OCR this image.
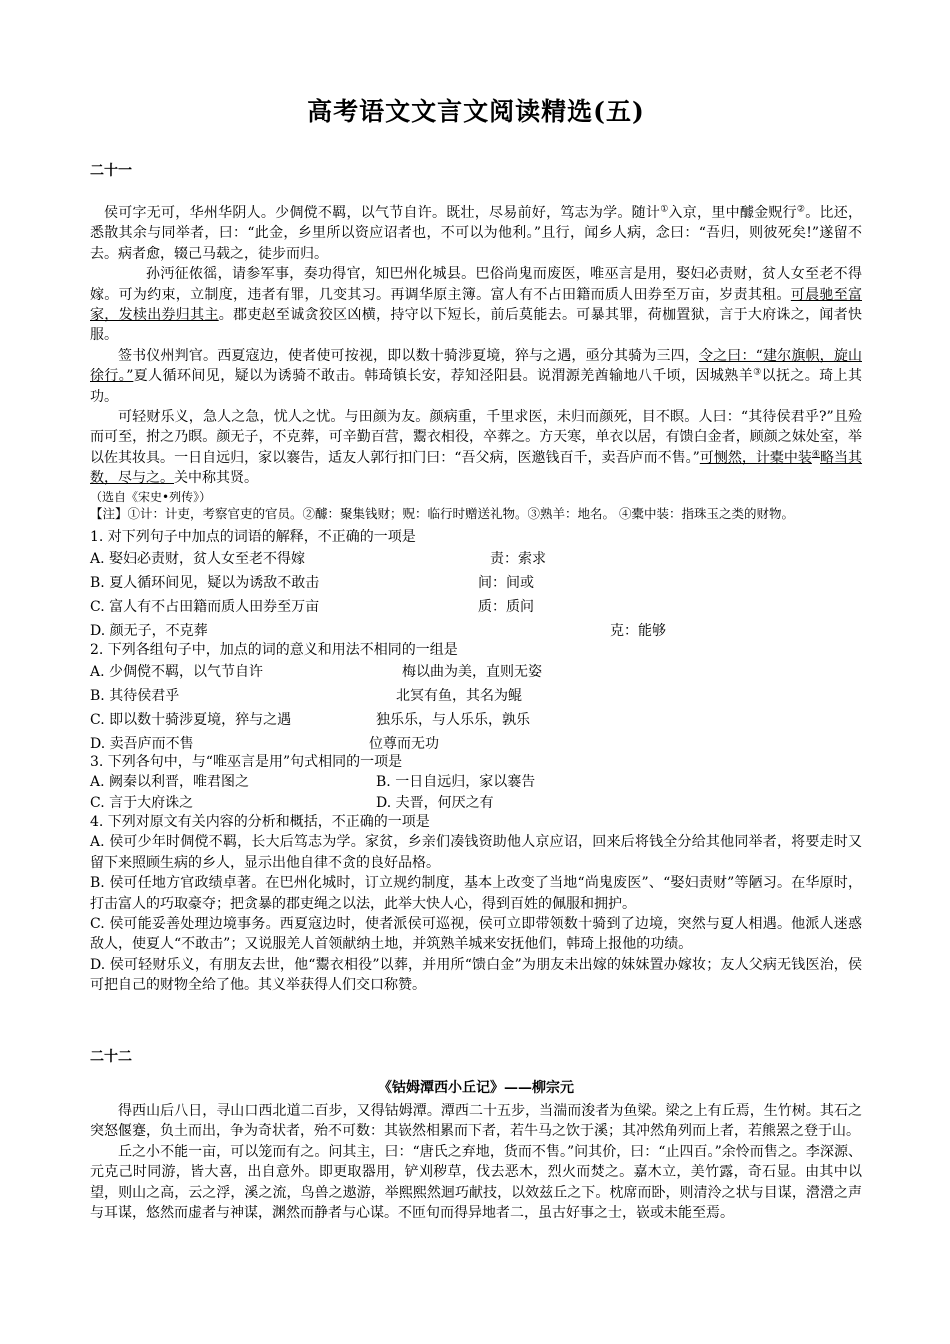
高考语文文言文阅读精选(五)
二十一

侯可字无可，华州华阴人。少倜傥不羁，以气节自许。既壮，尽易前好，笃志为学。随计①入京，里中醵金贶行②。比还，悉散其余与同举者，曰：“此金，乡里所以资应诏者也，不可以为他利。”且行，闻乡人病，念曰：“吾归，则彼死矣!”遂留不去。病者愈，辍己马载之，徒步而归。

孙沔征侬徭，请参军事，奏功得官，知巴州化城县。巴俗尚鬼而废医，唯巫言是用，娶妇必责财，贫人女至老不得嫁。可为约束，立制度，违者有罪，几变其习。再调华原主簿。富人有不占田籍而质人田券至万亩，岁责其租。可晨驰至富家，发椟出券归其主。郡吏赵至诚贪狡区凶横，持守以下短长，前后莫能去。可暴其罪，荷枷置狱，言于大府诛之，闻者快服。

签书仪州判官。西夏寇边，使者使可按视，即以数十骑涉夏境，猝与之遇，亟分其骑为三四，令之曰：“建尔旗帜，旋山徐行。”夏人循环间见，疑以为诱骑不敢击。韩琦镇长安，荐知泾阳县。说渭源羌酋输地八千顷，因城熟羊③以抚之。琦上其功。

可轻财乐义，急人之急，忧人之忧。与田颜为友。颜病重，千里求医，未归而颜死，目不瞑。人曰：“其待侯君乎?”且殓而可至，拊之乃瞑。颜无子，不克葬，可辛勤百营，鬻衣相役，卒葬之。方天寒，单衣以居，有馈白金者，顾颜之妹处室，举以佐其妆具。一日自远归，家以褰告，适友人郭行扣门曰：“吾父病，医邀钱百千，卖吾庐而不售。”可恻然，计橐中装④略当其数，尽与之。关中称其贤。

（选自《宋史•列传》）

【注】①计：计吏，考察官吏的官员。②醵：聚集钱财；贶：临行时赠送礼物。③熟羊：地名。 ④橐中装：指珠玉之类的财物。

1. 对下列句子中加点的词语的解释，不正确的一项是

A. 娶妇必责财，贫人女至老不得嫁	责：索求
B. 夏人循环间见，疑以为诱敌不敢击	间：间或
C. 富人有不占田籍而质人田券至万亩	质：质问
D. 颜无子，不克葬	克：能够

2. 下列各组句子中，加点的词的意义和用法不相同的一组是

A. 少倜傥不羁，以气节自许	梅以曲为美，直则无姿
B. 其待侯君乎	北冥有鱼，其名为鲲
C. 即以数十骑涉夏境，猝与之遇	独乐乐，与人乐乐，孰乐
D. 卖吾庐而不售	位尊而无功

3. 下列各句中，与“唯巫言是用”句式相同的一项是

A. 阙秦以利晋，唯君图之	B. 一日自远归，家以褰告
C. 言于大府诛之	D. 夫晋，何厌之有

4. 下列对原文有关内容的分析和概括，不正确的一项是

A. 侯可少年时倜傥不羁，长大后笃志为学。家贫，乡亲们凑钱资助他人京应诏，回来后将钱全分给其他同举者，将要走时又留下来照顾生病的乡人，显示出他自律不贪的良好品格。

B. 侯可任地方官政绩卓著。在巴州化城时，订立规约制度，基本上改变了当地“尚鬼废医”、“娶妇责财”等陋习。在华原时，打击富人的巧取豪夺；把贪暴的郡吏绳之以法，此举大快人心，得到百姓的佩服和拥护。

C. 侯可能妥善处理边境事务。西夏寇边时，使者派侯可巡视，侯可立即带领数十骑到了边境，突然与夏人相遇。他派人迷惑敌人，使夏人“不敢击”；又说服羌人首领献纳土地，并筑熟羊城来安抚他们，韩琦上报他的功绩。

D. 侯可轻财乐义，有朋友去世，他“鬻衣相役”以葬，并用所“馈白金”为朋友未出嫁的妹妹置办嫁妆；友人父病无钱医治，侯可把自己的财物全给了他。其义举获得人们交口称赞。

二十二
《钴姆潭西小丘记》——柳宗元

得西山后八日，寻山口西北道二百步，又得钴姆潭。潭西二十五步，当湍而浚者为鱼梁。梁之上有丘焉，生竹树。其石之突怒偃蹇，负土而出，争为奇状者，殆不可数：其嵚然相累而下者，若牛马之饮于溪；其冲然角列而上者，若熊罴之登于山。

丘之小不能一亩，可以笼而有之。问其主，曰：“唐氏之弃地，货而不售。”问其价，曰：“止四百。”余怜而售之。李深源、元克己时同游，皆大喜，出自意外。即更取器用，铲刈秽草，伐去恶木，烈火而焚之。嘉木立，美竹露，奇石显。由其中以望，则山之高，云之浮，溪之流，鸟兽之遨游，举熙熙然迴巧献技，以效兹丘之下。枕席而卧，则清泠之状与目谋，瀯瀯之声与耳谋，悠然而虚者与神谋，渊然而静者与心谋。不匝旬而得异地者二，虽古好事之士，嵚或未能至焉。
